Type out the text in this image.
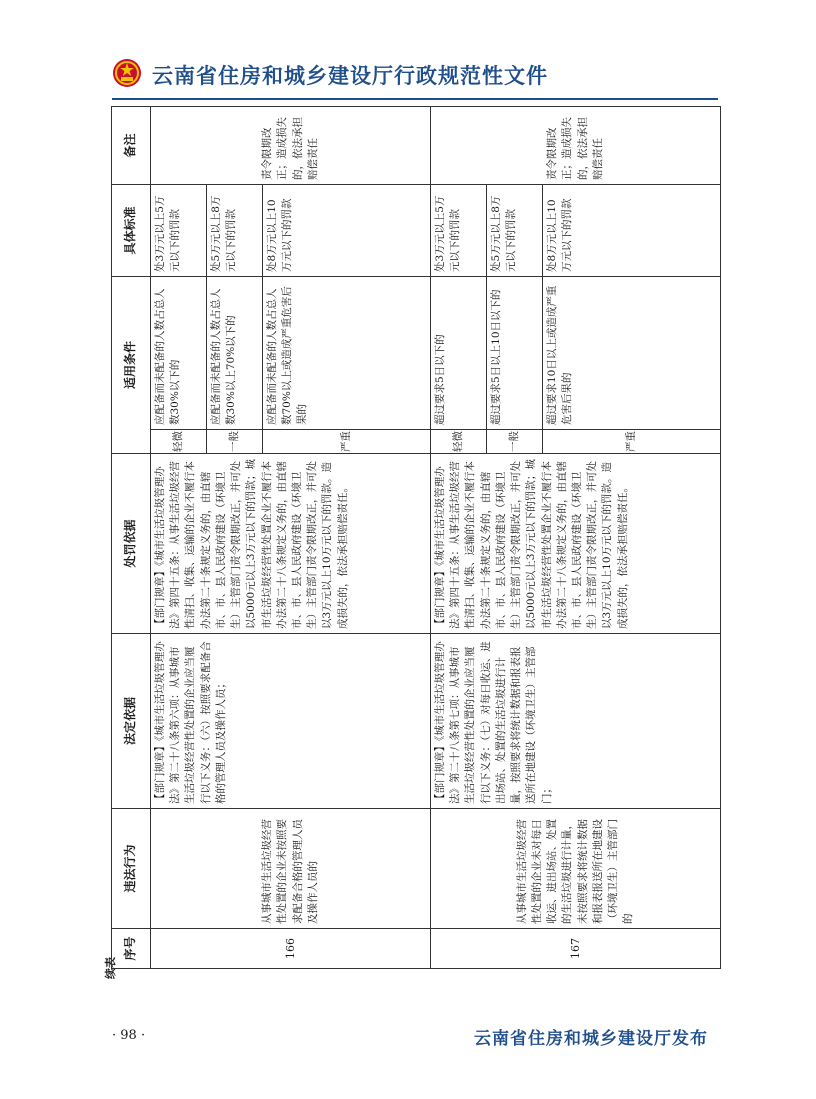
云南省住房和城乡建设厅行政规范性文件
续表
序号	违法行为	法定依据	处罚依据	适用条件		具体标准	备注
166	从事城市生活垃圾经营性处置的企业未按照要求配备合格的管理人员及操作人员的	【部门规章】《城市生活垃圾管理办法》第二十八条第六项：从事城市生活垃圾经营性处置的企业应当履行以下义务：（六）按照要求配备合格的管理人员及操作人员；	【部门规章】《城市生活垃圾管理办法》第四十五条：从事生活垃圾经营性清扫、收集、运输的企业不履行本办法第二十条规定义务的，由直辖市、市、县人民政府建设（环境卫生）主管部门责令限期改正，并可处以5000元以上3万元以下的罚款；城市生活垃圾经营性处置企业不履行本办法第二十八条规定义务的，由直辖市、市、县人民政府建设（环境卫生）主管部门责令限期改正，并可处以3万元以上10万元以下的罚款。造成损失的，依法承担赔偿责任。	轻微	应配备而未配备的人数占总人数30%以下的	处3万元以上5万元以下的罚款	责令限期改正；造成损失的，依法承担赔偿责任
				一般	应配备而未配备的人数占总人数30%以上70%以下的	处5万元以上8万元以下的罚款	
				严重	应配备而未配备的人数占总人数70%以上或造成严重危害后果的	处8万元以上10万元以下的罚款	
167	从事城市生活垃圾经营性处置的企业未对每日收运、进出场站、处置的生活垃圾进行计量，未按照要求将统计数据和报表报送所在地建设（环境卫生）主管部门的	【部门规章】《城市生活垃圾管理办法》第二十八条第七项：从事城市生活垃圾经营性处置的企业应当履行以下义务：（七）对每日收运、进出场站、处置的生活垃圾进行计量，按照要求将统计数据和报表报送所在地建设（环境卫生）主管部门；	【部门规章】《城市生活垃圾管理办法》第四十五条：从事生活垃圾经营性清扫、收集、运输的企业不履行本办法第二十条规定义务的，由直辖市、市、县人民政府建设（环境卫生）主管部门责令限期改正，并可处以5000元以上3万元以下的罚款；城市生活垃圾经营性处置企业不履行本办法第二十八条规定义务的，由直辖市、市、县人民政府建设（环境卫生）主管部门责令限期改正，并可处以3万元以上10万元以下的罚款。造成损失的，依法承担赔偿责任。	轻微	超过要求5日以下的	处3万元以上5万元以下的罚款	责令限期改正；造成损失的，依法承担赔偿责任
				一般	超过要求5日以上10日以下的	处5万元以上8万元以下的罚款	
				严重	超过要求10日以上或造成严重危害后果的	处8万元以上10万元以下的罚款	
· 98 ·	云南省住房和城乡建设厅发布
